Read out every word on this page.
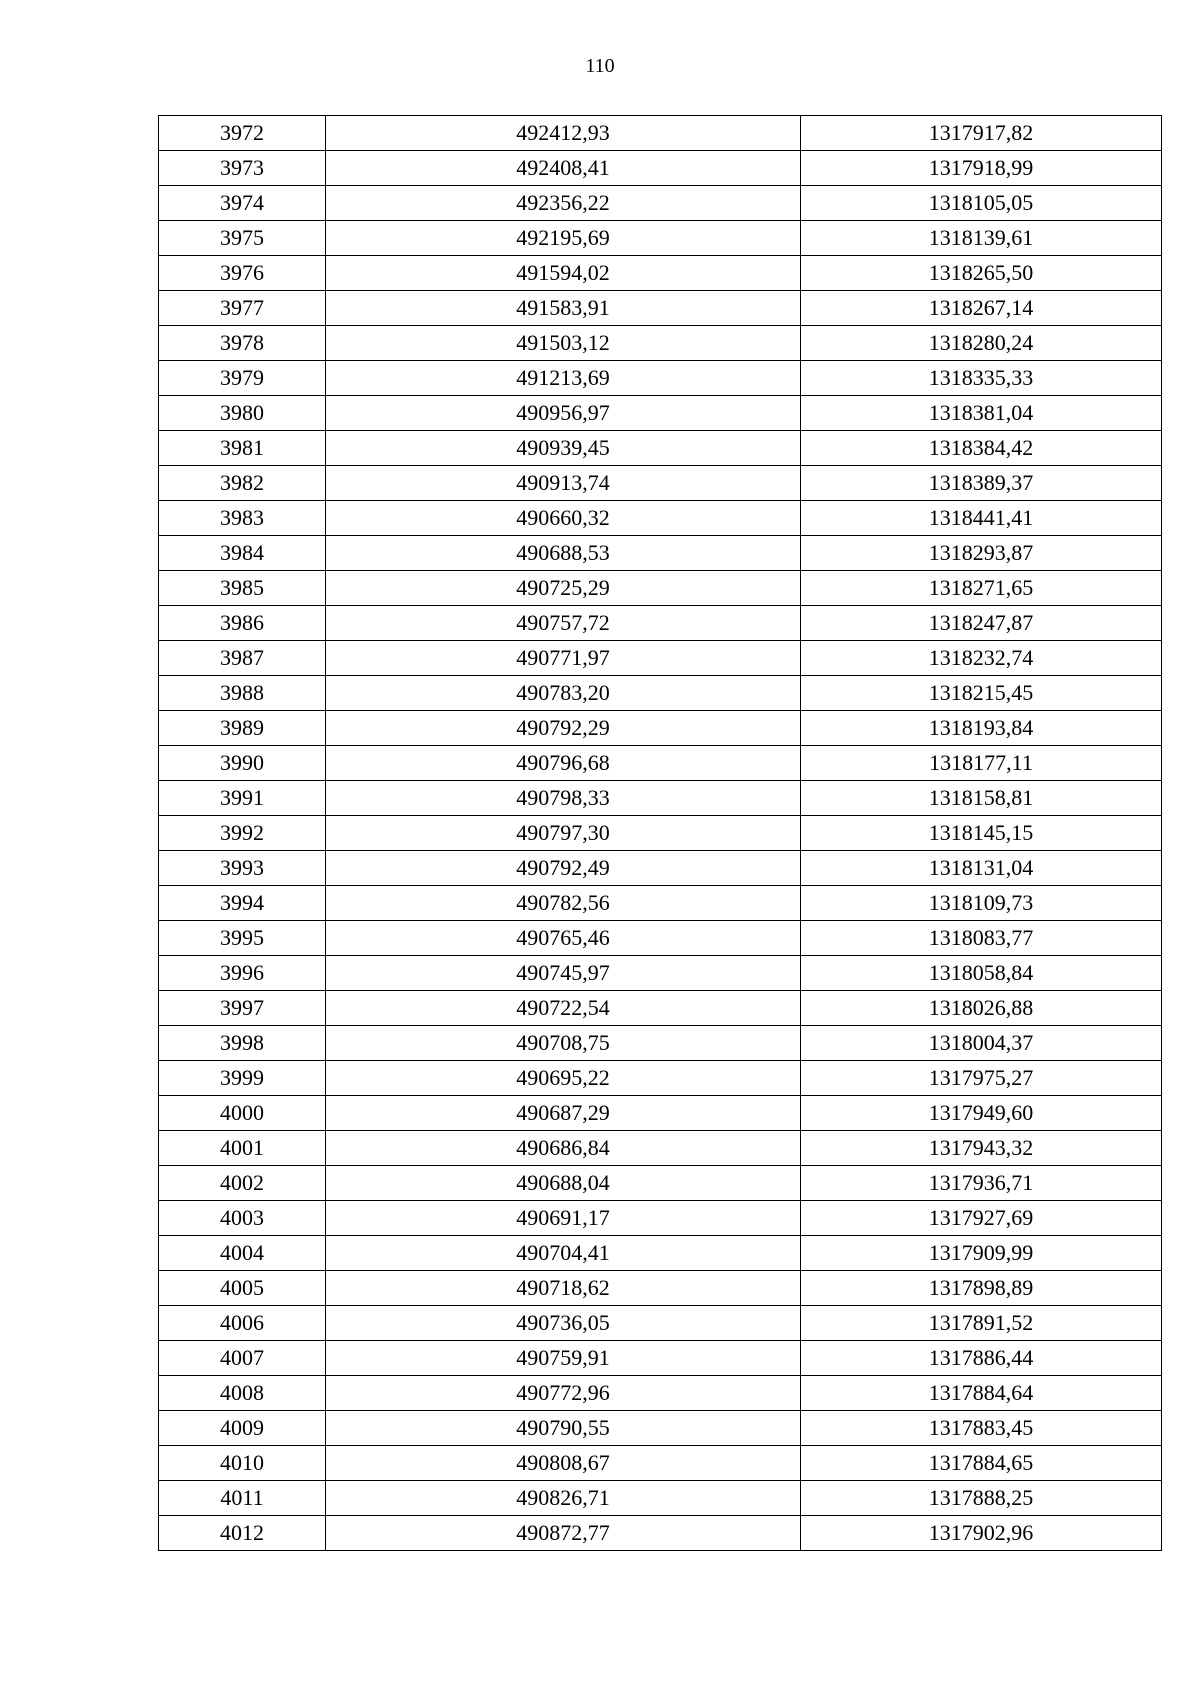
110
3972	492412,93	1317917,82
3973	492408,41	1317918,99
3974	492356,22	1318105,05
3975	492195,69	1318139,61
3976	491594,02	1318265,50
3977	491583,91	1318267,14
3978	491503,12	1318280,24
3979	491213,69	1318335,33
3980	490956,97	1318381,04
3981	490939,45	1318384,42
3982	490913,74	1318389,37
3983	490660,32	1318441,41
3984	490688,53	1318293,87
3985	490725,29	1318271,65
3986	490757,72	1318247,87
3987	490771,97	1318232,74
3988	490783,20	1318215,45
3989	490792,29	1318193,84
3990	490796,68	1318177,11
3991	490798,33	1318158,81
3992	490797,30	1318145,15
3993	490792,49	1318131,04
3994	490782,56	1318109,73
3995	490765,46	1318083,77
3996	490745,97	1318058,84
3997	490722,54	1318026,88
3998	490708,75	1318004,37
3999	490695,22	1317975,27
4000	490687,29	1317949,60
4001	490686,84	1317943,32
4002	490688,04	1317936,71
4003	490691,17	1317927,69
4004	490704,41	1317909,99
4005	490718,62	1317898,89
4006	490736,05	1317891,52
4007	490759,91	1317886,44
4008	490772,96	1317884,64
4009	490790,55	1317883,45
4010	490808,67	1317884,65
4011	490826,71	1317888,25
4012	490872,77	1317902,96
